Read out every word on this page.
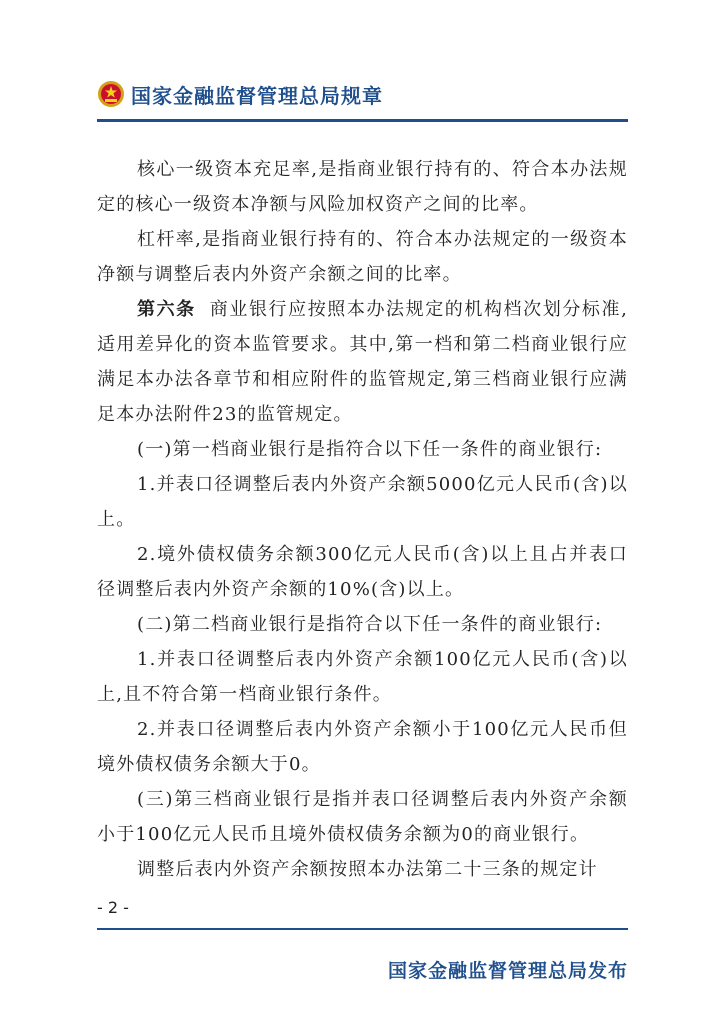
国家金融监督管理总局规章

核心一级资本充足率,是指商业银行持有的、符合本办法规定的核心一级资本净额与风险加权资产之间的比率。

杠杆率,是指商业银行持有的、符合本办法规定的一级资本净额与调整后表内外资产余额之间的比率。

第六条 商业银行应按照本办法规定的机构档次划分标准,适用差异化的资本监管要求。其中,第一档和第二档商业银行应满足本办法各章节和相应附件的监管规定,第三档商业银行应满足本办法附件23的监管规定。

(一)第一档商业银行是指符合以下任一条件的商业银行:

1.并表口径调整后表内外资产余额5000亿元人民币(含)以上。

2.境外债权债务余额300亿元人民币(含)以上且占并表口径调整后表内外资产余额的10%(含)以上。

(二)第二档商业银行是指符合以下任一条件的商业银行:

1.并表口径调整后表内外资产余额100亿元人民币(含)以上,且不符合第一档商业银行条件。

2.并表口径调整后表内外资产余额小于100亿元人民币但境外债权债务余额大于0。

(三)第三档商业银行是指并表口径调整后表内外资产余额小于100亿元人民币且境外债权债务余额为0的商业银行。

调整后表内外资产余额按照本办法第二十三条的规定计

- 2 -
国家金融监督管理总局发布
